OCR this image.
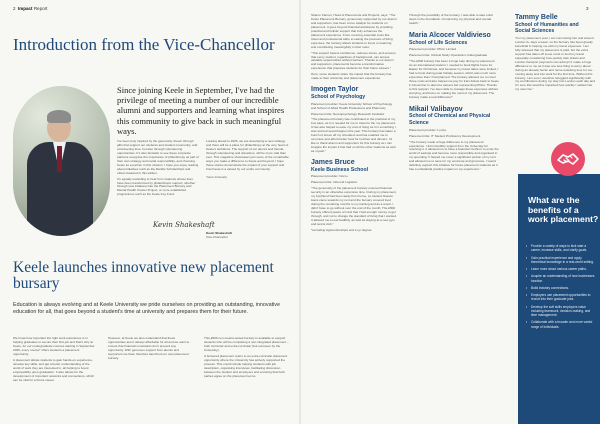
2 Impact Report
Introduction from the Vice-Chancellor

Since joining Keele in September, I've had the privilege of meeting a number of our incredible alumni and supporters and learning what inspires this community to give back in such meaningful ways.

I've been truly inspired by the generosity shown through gifts that support our students and student community, and volunteering time, but also through volunteering opportunities. It's also fantastic to see these corporate partners recognise the importance of philanthropy as part of their own strategy and social responsibility, and choosing Keele as a partner in this mission. I hope you enjoy reading about initiatives such as the Randle Scholarships and others featured in this edition.

It's equally rewarding to hear from students whose lives have been transformed by philanthropic support, whether through new initiatives like the Placement Bursary and Mental Health Cluster Project, or more established programmes such as the Keele Key Fund.

Looking ahead to 2025, we are developing a new strategy and there will be a place for philanthropy at the very heart of Keele's ambitions. The support of our alumni and friends, through volunteering and donations, will be more vital than ever. This magazine showcases just some of the remarkable ways you make a difference to Keele and beyond. I hope these stories demonstrate the impact of your support and how Keele is a valued by our entire community.

Yours sincerely

Kevin Shakeshaft
Kevin Shakeshaft
Vice-Chancellor
Keele launches innovative new placement bursary

Education is always evolving and at Keele University we pride ourselves on providing an outstanding, innovative education for all, that goes beyond a student's time at university and prepares them for their future.

We know how important the right work experience is in helping graduates to secure their first job and that's why at Keele, for our undergraduate courses starting in September 2025, every course* offers students a placement opportunity.

A placement allows students to gain hands-on experience, develop key skills, and get a better understanding of the world of work they are interested in, all helping to boost employability upon graduation. It also allows for the development of important networks and connections, which can be vital for a future career.

However, at Keele we also understand that these opportunities aren't always affordable for all and we want to ensure that financial constraints don't prevent any opportunity. With generous support from alumni and supporters we have therefore launched our new placement bursary.

This £500 non-means-tested bursary is available to support students who will be completing a non-integrated placement – both curricular and extra-curricular (but overseen by the University).

A brokered placement refers to an extra-curricular placement opportunity where the University has actively supported the process. This could include helping students with job description, organising interviews, facilitating discussion between the student and employers and ensuring that both parties agree on the placement terms.

3

Sharon Farmer, Head of Placements and Projects, says: "The Keele Placement Bursary, generously supported by our alumni and supporters, has been a true catalyst for students on placement. It goes beyond financial assistance by providing practical and holistic support that truly enhances the placement experience. From covering essential costs like travel and professional attire to easing the pressure of living expenses, the bursary allows students to focus on learning and contributing meaningfully in their roles.

"This support fosters confidence, reduces stress, and ensures that every student, regardless of background, can access valuable opportunities without barriers. Thanks to our alumni and supporters, placements become a transformative experience that prepares students for their future careers."

Here, some students share the impact that the bursary has made to their university and placement experience.

Imogen Taylor
School of Psychology

Placement provider: Keele University School of Psychology and School of Allied Health Professions and Pharmacy

Placement title: Neuropsychology Research Assistant

"The placement bursary has contributed to the practical of my bus pass, as it is needed for me to travel to the my placement. It has also helped to ease my cost of living as it is something I was worried would happen this year. This bursary has taken a bunch of stress off my shoulders and has enabled me to commute and afford better food for lunches and dinners. I'd like to thank alumni and supporters for this bursary as I can imagine the impact it has had on all the other students as well as myself."

James Bruce
Keele Business School

Placement provider: Norvo

Placement title: Inbound Logistics

"The generosity of the placement bursary ensured financial security in an otherwise expensive time. During my placement, my boyfriend had been away from home, so student finance loans came towards my rent and the bursary covered food during the remaining months to my training and as a result, I didn't have to go without over the end of the month. The £500 bursary offered peace of mind that I had enough money to get through, and not to change the standard of living that I wanted. It allowed me to eat healthily, as well as staying at a new gym and tennis club."

*excluding Apprenticeships and 1+yr degree

Through the possibility of the bursary, I was able to take solid steps in the foundation of improving my physical and mental health."

Maria Alcocer Valdivieso
School of Life Sciences

Placement provider: Pfizer Limited

Placement title: Clinical Study Operations Undergraduate

"The £500 bursary has been a huge help during my placement. As an international student, I needed to book flights home for Easter for Christmas, and because my travel dates were limited, I had to book during peak holiday season, which was much more expensive than I had planned. The bursary allowed me to cover those costs and also helped me pay for train tickets back to Keele in November to attend a careers fair representing Pfizer. Thanks to this support, I've been able to manage these expenses without worrying, and focus on making the most of my placement. The bursary made a real difference!"

Mikail Valibayov
School of Chemical and Physical Science

Placement provider: Lonza

Placement title: IT Student Proficiency Development

"The bursary made a huge difference to my placement experience. I felt incredibly support from the University for receiving it. It allowed me to have a financial 'cushion' to enter the world of savings and become more responsible and organised in my spending. It helped me cover a significant portion of my rent and allowed me to save for my commute and groceries. I would definitely support this initiative for future placement students as it has a substantial positive impact on my experience."

Tammy Belle
School of Humanities and Social Sciences

"For my placement year, I am commuting into and around London 3+ days a week, so the bursary has been greatly beneficial in helping me with my travel expenses. I am fully stressed that my placement is paid, but the extra support has taken off some costs to fund my travel especially considering how quickly train tickets and London transport payments can add up! It made a huge difference to me as it was one less thing to worry about during an already hectic and nerve-wracking time for me - moving away and into work for the first time. Without this bursary, I am sure I would've struggled significantly with my contributions during my stay into London each day and I'm sure this would've impacted how quickly I settled into my new role."

What are the benefits of a work placement?
• Provide a variety of ways to kick start a career, increase skills, and clarify goals.
• Gain practical experience and apply theoretical knowledge in a real-world setting.
• Learn more about various career paths.
• Acquire an understanding of how businesses function.
• Build industry connections.
• Employers use placement opportunities to recruit into their graduate jobs.
• Develop the soft skills employers value including teamwork, decision-making, and time management.
• Collaborate with a broader and more varied range of individuals.
